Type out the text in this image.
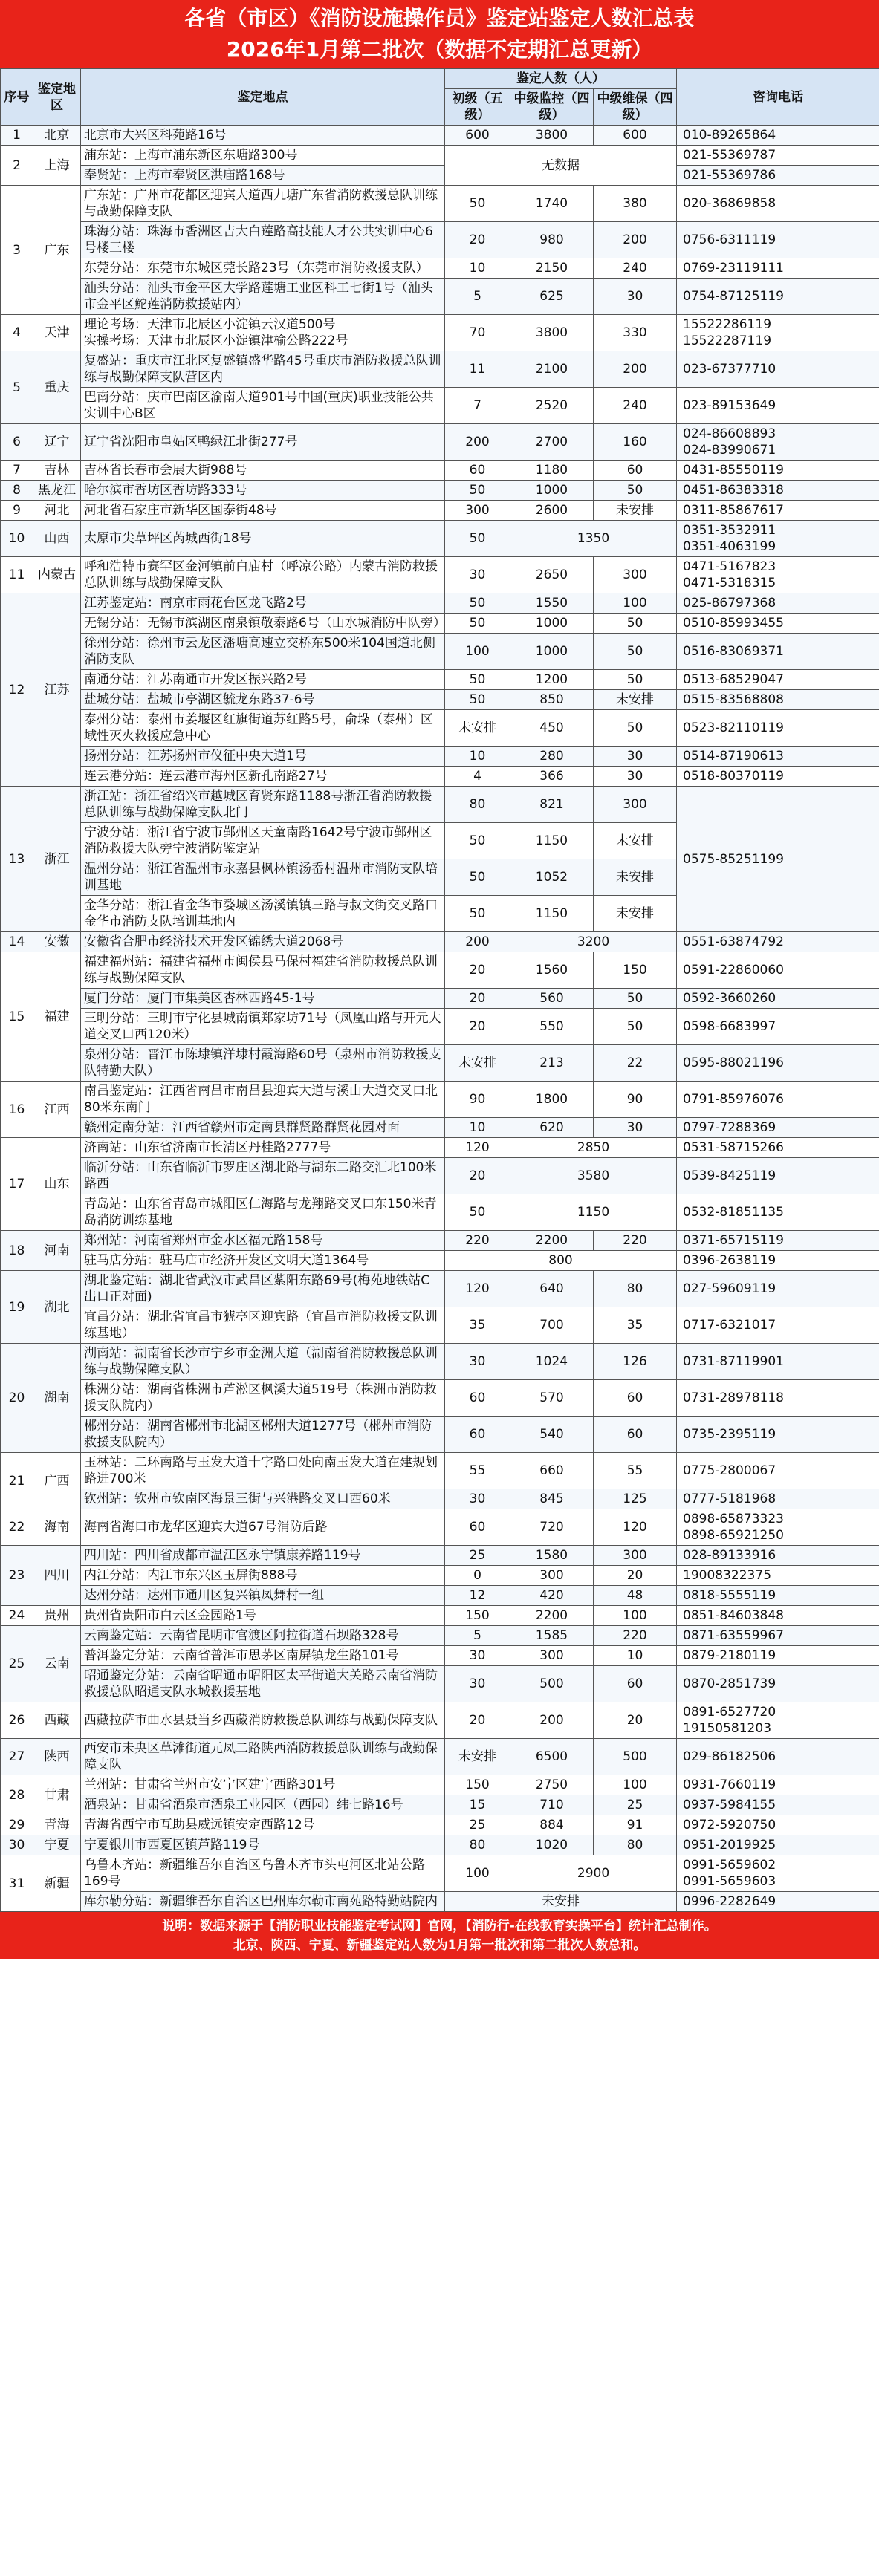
各省（市区）《消防设施操作员》鉴定站鉴定人数汇总表
2026年1月第二批次（数据不定期汇总更新）
序号	鉴定地区	鉴定地点	鉴定人数（人）			咨询电话
			初级（五级）	中级监控（四级）	中级维保（四级）	
1	北京	北京市大兴区科苑路16号	600	3800	600	010-89265864
2	上海	浦东站：上海市浦东新区东塘路300号	无数据			021-55369787
		奉贤站：上海市奉贤区洪庙路168号				021-55369786
3	广东	广东站：广州市花都区迎宾大道西九塘广东省消防救援总队训练与战勤保障支队	50	1740	380	020-36869858
		珠海分站：珠海市香洲区吉大白莲路高技能人才公共实训中心6号楼三楼	20	980	200	0756-6311119
		东莞分站：东莞市东城区莞长路23号（东莞市消防救援支队）	10	2150	240	0769-23119111
		汕头分站：汕头市金平区大学路莲塘工业区科工七街1号（汕头市金平区鮀莲消防救援站内）	5	625	30	0754-87125119
4	天津	理论考场：天津市北辰区小淀镇云汉道500号
实操考场：天津市北辰区小淀镇津榆公路222号	70	3800	330	15522286119
15522287119
5	重庆	复盛站：重庆市江北区复盛镇盛华路45号重庆市消防救援总队训练与战勤保障支队营区内	11	2100	200	023-67377710
		巴南分站：庆市巴南区渝南大道901号中国(重庆)职业技能公共实训中心B区	7	2520	240	023-89153649
6	辽宁	辽宁省沈阳市皇姑区鸭绿江北街277号	200	2700	160	024-86608893
024-83990671
7	吉林	吉林省长春市会展大街988号	60	1180	60	0431-85550119
8	黑龙江	哈尔滨市香坊区香坊路333号	50	1000	50	0451-86383318
9	河北	河北省石家庄市新华区国泰街48号	300	2600	未安排	0311-85867617
10	山西	太原市尖草坪区芮城西街18号	50	1350		0351-3532911
0351-4063199
11	内蒙古	呼和浩特市赛罕区金河镇前白庙村（呼凉公路）内蒙古消防救援总队训练与战勤保障支队	30	2650	300	0471-5167823
0471-5318315
12	江苏	江苏鉴定站：南京市雨花台区龙飞路2号	50	1550	100	025-86797368
		无锡分站：无锡市滨湖区南泉镇敬泰路6号（山水城消防中队旁）	50	1000	50	0510-85993455
		徐州分站：徐州市云龙区潘塘高速立交桥东500米104国道北侧消防支队	100	1000	50	0516-83069371
		南通分站：江苏南通市开发区振兴路2号	50	1200	50	0513-68529047
		盐城分站：盐城市亭湖区毓龙东路37-6号	50	850	未安排	0515-83568808
		泰州分站：泰州市姜堰区红旗街道苏红路5号，俞垛（泰州）区域性灭火救援应急中心	未安排	450	50	0523-82110119
		扬州分站：江苏扬州市仪征中央大道1号	10	280	30	0514-87190613
		连云港分站：连云港市海州区新孔南路27号	4	366	30	0518-80370119
13	浙江	浙江站：浙江省绍兴市越城区育贤东路1188号浙江省消防救援总队训练与战勤保障支队北门	80	821	300	0575-85251199
		宁波分站：浙江省宁波市鄞州区天童南路1642号宁波市鄞州区消防救援大队旁宁波消防鉴定站	50	1150	未安排	
		温州分站：浙江省温州市永嘉县枫林镇汤岙村温州市消防支队培训基地	50	1052	未安排	
		金华分站：浙江省金华市婺城区汤溪镇镇三路与叔文街交叉路口金华市消防支队培训基地内	50	1150	未安排	
14	安徽	安徽省合肥市经济技术开发区锦绣大道2068号	200	3200		0551-63874792
15	福建	福建福州站：福建省福州市闽侯县马保村福建省消防救援总队训练与战勤保障支队	20	1560	150	0591-22860060
		厦门分站：厦门市集美区杏林西路45-1号	20	560	50	0592-3660260
		三明分站：三明市宁化县城南镇郑家坊71号（凤凰山路与开元大道交叉口西120米）	20	550	50	0598-6683997
		泉州分站：晋江市陈埭镇洋埭村霞海路60号（泉州市消防救援支队特勤大队）	未安排	213	22	0595-88021196
16	江西	南昌鉴定站：江西省南昌市南昌县迎宾大道与溪山大道交叉口北80米东南门	90	1800	90	0791-85976076
		赣州定南分站：江西省赣州市定南县群贤路群贤花园对面	10	620	30	0797-7288369
17	山东	济南站：山东省济南市长清区丹桂路2777号	120	2850		0531-58715266
		临沂分站：山东省临沂市罗庄区湖北路与湖东二路交汇北100米路西	20	3580		0539-8425119
		青岛站：山东省青岛市城阳区仁海路与龙翔路交叉口东150米青岛消防训练基地	50	1150		0532-81851135
18	河南	郑州站：河南省郑州市金水区福元路158号	220	2200	220	0371-65715119
		驻马店分站：驻马店市经济开发区文明大道1364号	800			0396-2638119
19	湖北	湖北鉴定站：湖北省武汉市武昌区紫阳东路69号(梅苑地铁站C出口正对面)	120	640	80	027-59609119
		宜昌分站：湖北省宜昌市猇亭区迎宾路（宜昌市消防救援支队训练基地）	35	700	35	0717-6321017
20	湖南	湖南站：湖南省长沙市宁乡市金洲大道（湖南省消防救援总队训练与战勤保障支队）	30	1024	126	0731-87119901
		株洲分站：湖南省株洲市芦淞区枫溪大道519号（株洲市消防救援支队院内）	60	570	60	0731-28978118
		郴州分站：湖南省郴州市北湖区郴州大道1277号（郴州市消防救援支队院内）	60	540	60	0735-2395119
21	广西	玉林站：二环南路与玉发大道十字路口处向南玉发大道在建规划路进700米	55	660	55	0775-2800067
		钦州站：钦州市钦南区海景三街与兴港路交叉口西60米	30	845	125	0777-5181968
22	海南	海南省海口市龙华区迎宾大道67号消防后路	60	720	120	0898-65873323
0898-65921250
23	四川	四川站：四川省成都市温江区永宁镇康养路119号	25	1580	300	028-89133916
		内江分站：内江市东兴区玉屏街888号	0	300	20	19008322375
		达州分站：达州市通川区复兴镇凤舞村一组	12	420	48	0818-5555119
24	贵州	贵州省贵阳市白云区金园路1号	150	2200	100	0851-84603848
25	云南	云南鉴定站：云南省昆明市官渡区阿拉街道石坝路328号	5	1585	220	0871-63559967
		普洱鉴定分站：云南省普洱市思茅区南屏镇龙生路101号	30	300	10	0879-2180119
		昭通鉴定分站：云南省昭通市昭阳区太平街道大关路云南省消防救援总队昭通支队水城救援基地	30	500	60	0870-2851739
26	西藏	西藏拉萨市曲水县聂当乡西藏消防救援总队训练与战勤保障支队	20	200	20	0891-6527720
19150581203
27	陕西	西安市未央区草滩街道元凤二路陕西消防救援总队训练与战勤保障支队	未安排	6500	500	029-86182506
28	甘肃	兰州站：甘肃省兰州市安宁区建宁西路301号	150	2750	100	0931-7660119
		酒泉站：甘肃省酒泉市酒泉工业园区（西园）纬七路16号	15	710	25	0937-5984155
29	青海	青海省西宁市互助县威远镇安定西路12号	25	884	91	0972-5920750
30	宁夏	宁夏银川市西夏区镇芦路119号	80	1020	80	0951-2019925
31	新疆	乌鲁木齐站：新疆维吾尔自治区乌鲁木齐市头屯河区北站公路169号	100	2900		0991-5659602
0991-5659603
		库尔勒分站：新疆维吾尔自治区巴州库尔勒市南苑路特勤站院内	未安排			0996-2282649
说明：数据来源于【消防职业技能鉴定考试网】官网，【消防行-在线教育实操平台】统计汇总制作。
北京、陕西、宁夏、新疆鉴定站人数为1月第一批次和第二批次人数总和。
